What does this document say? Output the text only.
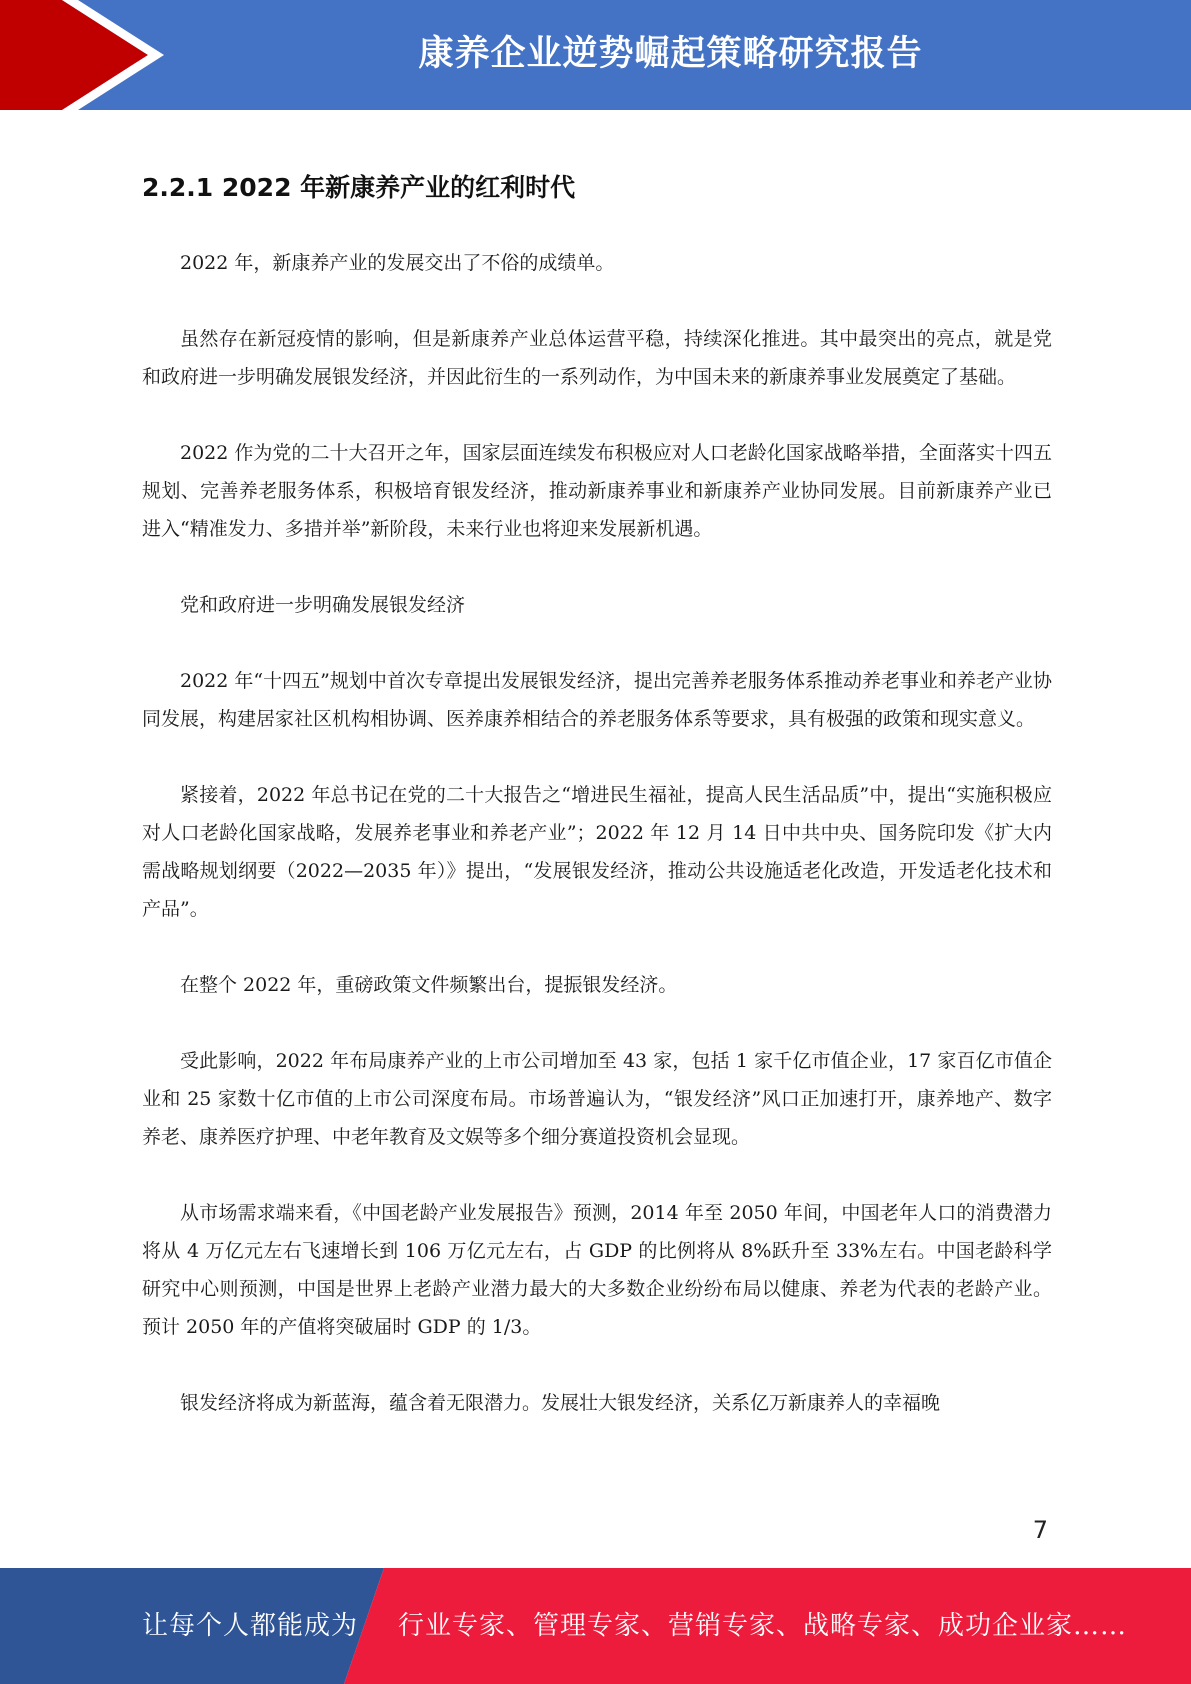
康养企业逆势崛起策略研究报告
2.2.1 2022 年新康养产业的红利时代

2022 年，新康养产业的发展交出了不俗的成绩单。

虽然存在新冠疫情的影响，但是新康养产业总体运营平稳，持续深化推进。其中最突出的亮点，就是党和政府进一步明确发展银发经济，并因此衍生的一系列动作，为中国未来的新康养事业发展奠定了基础。

2022 作为党的二十大召开之年，国家层面连续发布积极应对人口老龄化国家战略举措，全面落实十四五规划、完善养老服务体系，积极培育银发经济，推动新康养事业和新康养产业协同发展。目前新康养产业已进入“精准发力、多措并举”新阶段，未来行业也将迎来发展新机遇。

党和政府进一步明确发展银发经济

2022 年“十四五”规划中首次专章提出发展银发经济，提出完善养老服务体系推动养老事业和养老产业协同发展，构建居家社区机构相协调、医养康养相结合的养老服务体系等要求，具有极强的政策和现实意义。

紧接着，2022 年总书记在党的二十大报告之“增进民生福祉，提高人民生活品质”中，提出“实施积极应对人口老龄化国家战略，发展养老事业和养老产业”；2022 年 12 月 14 日中共中央、国务院印发《扩大内需战略规划纲要（2022—2035 年）》提出，“发展银发经济，推动公共设施适老化改造，开发适老化技术和产品”。

在整个 2022 年，重磅政策文件频繁出台，提振银发经济。

受此影响，2022 年布局康养产业的上市公司增加至 43 家，包括 1 家千亿市值企业，17 家百亿市值企业和 25 家数十亿市值的上市公司深度布局。市场普遍认为，“银发经济”风口正加速打开，康养地产、数字养老、康养医疗护理、中老年教育及文娱等多个细分赛道投资机会显现。

从市场需求端来看，《中国老龄产业发展报告》预测，2014 年至 2050 年间，中国老年人口的消费潜力将从 4 万亿元左右飞速增长到 106 万亿元左右，占 GDP 的比例将从 8%跃升至 33%左右。中国老龄科学研究中心则预测，中国是世界上老龄产业潜力最大的大多数企业纷纷布局以健康、养老为代表的老龄产业。预计 2050 年的产值将突破届时 GDP 的 1/3。

银发经济将成为新蓝海，蕴含着无限潜力。发展壮大银发经济，关系亿万新康养人的幸福晚

7
让每个人都能成为 行业专家、管理专家、营销专家、战略专家、成功企业家……
